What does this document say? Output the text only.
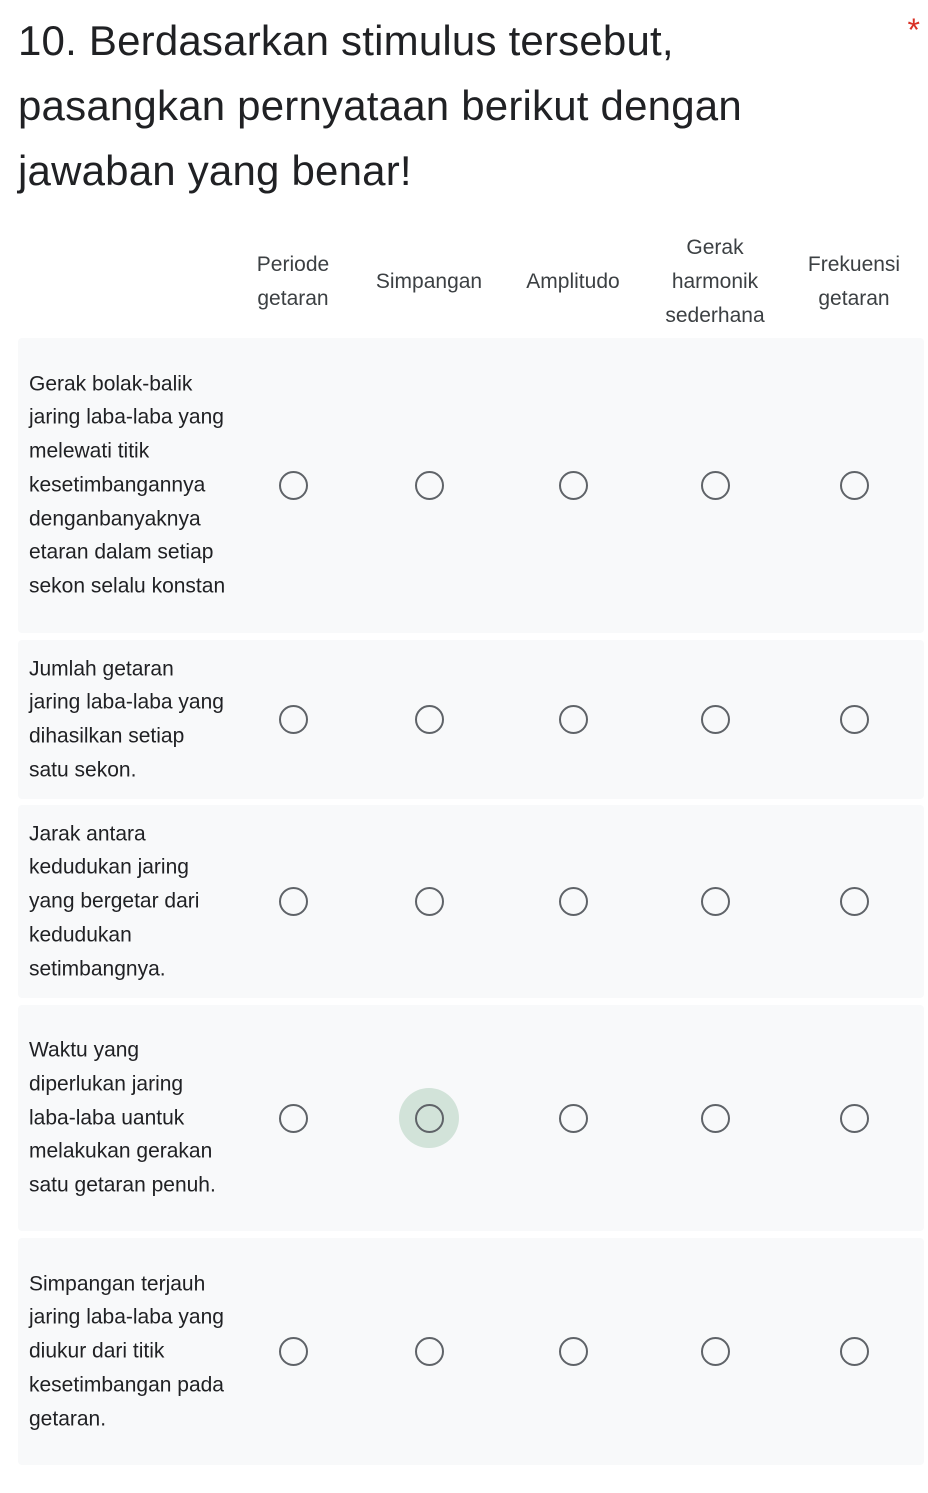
10. Berdasarkan stimulus tersebut, pasangkan pernyataan berikut dengan jawaban yang benar!
*
Periode getaran
Simpangan	Amplitudo
Gerak harmonik sederhana
Frekuensi getaran
Gerak bolak-balik jaring laba-laba yang melewati titik kesetimbangannya denganbanyaknya etaran dalam setiap sekon selalu konstan
Jumlah getaran jaring laba-laba yang dihasilkan setiap satu sekon.
Jarak antara kedudukan jaring yang bergetar dari kedudukan setimbangnya.
Waktu yang diperlukan jaring laba-laba uantuk melakukan gerakan satu getaran penuh.
Simpangan terjauh jaring laba-laba yang diukur dari titik kesetimbangan pada getaran.
